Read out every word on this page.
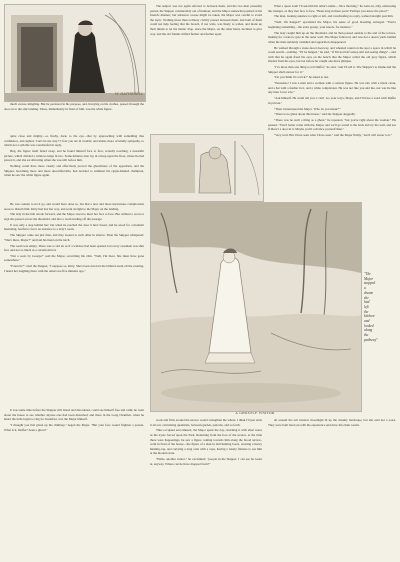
W. HATHERELL

much excuse mingling. But he persisted in his purpose, and, hurrying on his clothes, passed through the door on to the side landing. There, immediately in front of him, was the white figure.

The subject was not again referred to between them, and the two men presently parted, the Skipper considerably out of humour, and the Major somewhat puzzled at his friend's manner; but whatever course might be taken, the Major was careful to avoid the topic. Nothing more than ordinary civility passed between them, and both of them could not help feeling that the breach, if not wide, was likely to widen, and made up their minds to let the matter drop, since the Major, on the other hand, declined to give way, and the old friends drifted further and further apart.

What a queer soul! I'll ask him his tailor's name.—Nice morning," he went on, slily, addressing the stranger, as they met face to face. "Been long in these parts? Perhaps you know the place?"

The man, looking askance to right or left, and vouchsafing no reply, walked straight past him.

"Well, I'm hanged!" ejaculated the Major, his sense of good breeding outraged. "You're beginning something—the extra gossip, your knock, for instance."

The lady caught him up on the threshold, and he then passed outside to the end of the terrace, making for a narrow gate in the outer wall. The Major followed, and was not a dozen yards behind when the man suddenly vanished and apparition disappeared.

He walked through a stone-faced doorway, and wheeled round on the spot a space in which he could search—nothing. "I'll be hanged," he said, "if I'm not half asleep still and seeing things"—and with that he again fixed his eyes on the bench that the Major called the old grey figure, which shaded from his eyes, but not before he caught one more glimpse.

"I've more than one thing to tell Duffer," he said, "and I'll tell it. The Skipper's to blame and the Skipper shall answer for it."

"Do you think it's a trick?" he asked at last.

"Nonsense! I saw a man and a woman with a curious figure. He was tall, with a black cloak, and a hat with a feather in it, and a white complexion. He was not like you and me, nor was he like any man I ever saw."

"Ask himself. He could tell you. I can't. Go your ways, Major, and I'll have a word with Duffer in private."

"Then I interrupted the Major. 'Who do you mean?'"

"There is no ghost about this house," said the Skipper doggedly.

"There was no such a thing as a ghost," he repeated, "but you're right about the woman." He paused. "You'd better come with me, Major, and we'll go round to the back and try the wall, and see if there's a door in it. Maybe you'll convince yourself then."

"Very well. But I have seen what I have seen," said the Major firmly, "and I will swear to it."

quite close and mighty—so fleshy, dark, to the eye—that by approaching with something like confidence, and sighed, 'Can't let me stay?' I fear you are in trouble; and unless more of kindly sympathy, to which not a syllable was vouchsafed in reply.

Hug, the figure itself faded away, and he found himself face to face, actually touching, a beautiful picture, which divided a window-ledge in two. Some minutes later lay in a heap upon the floor, where he had placed it, and she sat shivering when she was still before him.

Nothing could have more clearly and effectively proved the ghostliness of the apparition, and the Skipper, becoming more and more uncomfortable, had decided to summon his ripple-handed champion, when he saw the white figure again.

He was content to let it go, and would have done so, but that a new and more mysterious complication arose to disturb him. Kitty had lost her way, and went straight to the Major on the landing.

The lady in the hall strode forward, and the Major stood to meet her face to face. But without a word or sign she passed across the threshold, and into a room leading off the passage.

It was only a step behind her; but when he reached the door it had closed, and he stood for a moment hesitating, fearful to force an entrance to a lady's room.

The Skipper came out just then, and they looked at each other in silence. Then the Skipper whispered: "She's there, Major?" and laid his hand on the latch.

The room was empty. There was a cold air as if a window had been opened, but every casement was shut fast, and not so much as a curtain stirred.

"Not a soul, by George!" said the Major, scratching his chin. "Well, I'm blest. She must have gone somewhere."

"Found it?" cried the Skipper, "I suppose so, Kitty. She's been down in the billiard-room all the evening. I heard her laughing there with the others not five minutes ago."

"The
Major
stopped
a
dream
she
had
left
the
kitchen
and
looked
along
the
pathway"
A GHOSTLY VISITOR

It was some time before the Skipper still dazed and disordered, could see himself free and calm; he went about the house to see whether anyone else had been disturbed; and there in the Long Chamber, when he heard the bells begin to ring for breakfast, was the Major himself.

"I thought you had given up the chimney," began the Major. "But your face would frighten a parson. What is it, Duffer? Seen a ghost?"

work and flirts around the terrace would strengthen the whole. I think I'll just stick it all out, calculating quantities, between garden, patterns, and so forth.

Thus occupied and amused, the Major spent the day, returning it with short notes as his tryste forced upon the Park. Returning from the foot of the terrace, at the time there were happenings, he saw a figure coming towards him along the broad terrace-walk in front of the house—the figure of a man in dull hunting boots, wearing a heavy hunting-cap, and carrying a long cane with a cape, having a lonely flatness to see him at the modern state.

"Hallo, another visitor," he exclaimed; "people in the Skipper. I can see he looks at, anyway. Where can he have dropped from?"

all around the tall window moonlight lit up the dreamy landscape, but she said not a word. They were both tired out with the experience and drew into their rooms.
